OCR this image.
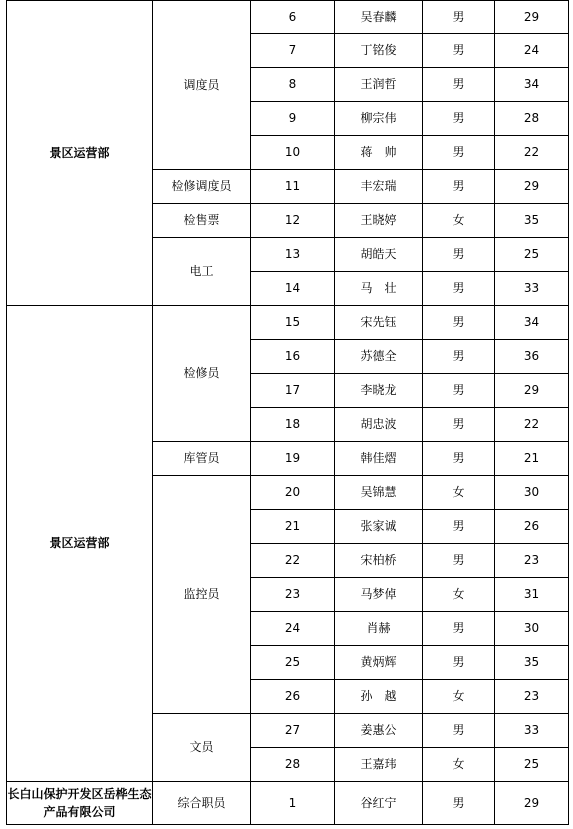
景区运营部	调度员	6	吴春麟	男	29
		7	丁铭俊	男	24
		8	王润哲	男	34
		9	柳宗伟	男	28
		10	蒋　帅	男	22
	检修调度员	11	丰宏瑞	男	29
	检售票	12	王晓婷	女	35
	电工	13	胡皓天	男	25
		14	马　壮	男	33
景区运营部	检修员	15	宋先钰	男	34
		16	苏德全	男	36
		17	李晓龙	男	29
		18	胡忠波	男	22
	库管员	19	韩佳熠	男	21
	监控员	20	吴锦慧	女	30
		21	张家诚	男	26
		22	宋柏桥	男	23
		23	马梦倬	女	31
		24	肖赫	男	30
		25	黄炳辉	男	35
		26	孙　越	女	23
	文员	27	姜惠公	男	33
		28	王嘉玮	女	25
长白山保护开发区岳桦生态产品有限公司	综合职员	1	谷红宁	男	29
